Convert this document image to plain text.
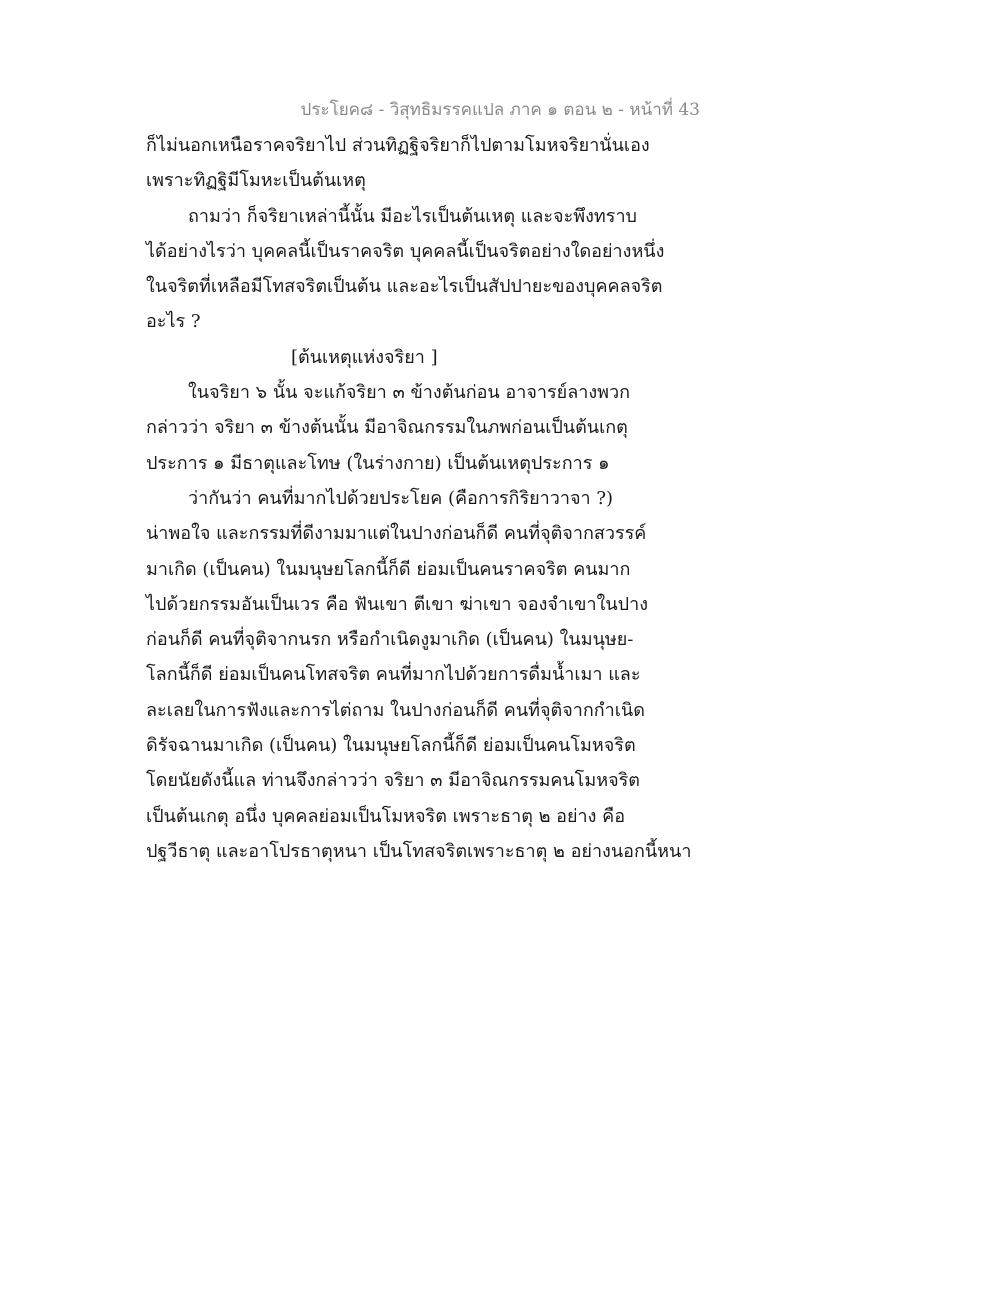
ประโยค๘ - วิสุทธิมรรคแปล ภาค ๑ ตอน ๒ - หน้าที่ 43
ก็ไม่นอกเหนือราคจริยาไป ส่วนทิฏฐิจริยาก็ไปตามโมหจริยานั่นเอง
เพราะทิฏฐิมีโมหะเป็นต้นเหตุ
ถามว่า ก็จริยาเหล่านี้นั้น มีอะไรเป็นต้นเหตุ และจะพึงทราบ
ได้อย่างไรว่า บุคคลนี้เป็นราคจริต บุคคลนี้เป็นจริตอย่างใดอย่างหนึ่ง
ในจริตที่เหลือมีโทสจริตเป็นต้น และอะไรเป็นสัปปายะของบุคคลจริต
อะไร ?
[ต้นเหตุแห่งจริยา ]
ในจริยา ๖ นั้น จะแก้จริยา ๓ ข้างต้นก่อน อาจารย์ลางพวก
กล่าวว่า จริยา ๓ ข้างต้นนั้น มีอาจิณกรรมในภพก่อนเป็นต้นเกตุ
ประการ ๑ มีธาตุและโทษ (ในร่างกาย) เป็นต้นเหตุประการ ๑
ว่ากันว่า คนที่มากไปด้วยประโยค (คือการกิริยาวาจา ?)
น่าพอใจ และกรรมที่ดีงามมาแต่ในปางก่อนก็ดี คนที่จุติจากสวรรค์
มาเกิด (เป็นคน) ในมนุษยโลกนี้ก็ดี ย่อมเป็นคนราคจริต คนมาก
ไปด้วยกรรมอันเป็นเวร คือ ฟันเขา ตีเขา ฆ่าเขา จองจำเขาในปาง
ก่อนก็ดี คนที่จุติจากนรก หรือกำเนิดงูมาเกิด (เป็นคน) ในมนุษย-
โลกนี้ก็ดี ย่อมเป็นคนโทสจริต คนที่มากไปด้วยการดื่มน้ำเมา และ
ละเลยในการฟังและการไต่ถาม ในปางก่อนก็ดี คนที่จุติจากกำเนิด
ดิรัจฉานมาเกิด (เป็นคน) ในมนุษยโลกนี้ก็ดี ย่อมเป็นคนโมหจริต
โดยนัยดังนี้แล ท่านจึงกล่าวว่า จริยา ๓ มีอาจิณกรรมคนโมหจริต
เป็นต้นเกตุ อนึ่ง บุคคลย่อมเป็นโมหจริต เพราะธาตุ ๒ อย่าง คือ
ปฐวีธาตุ และอาโปรธาตุหนา เป็นโทสจริตเพราะธาตุ ๒ อย่างนอกนี้หนา
